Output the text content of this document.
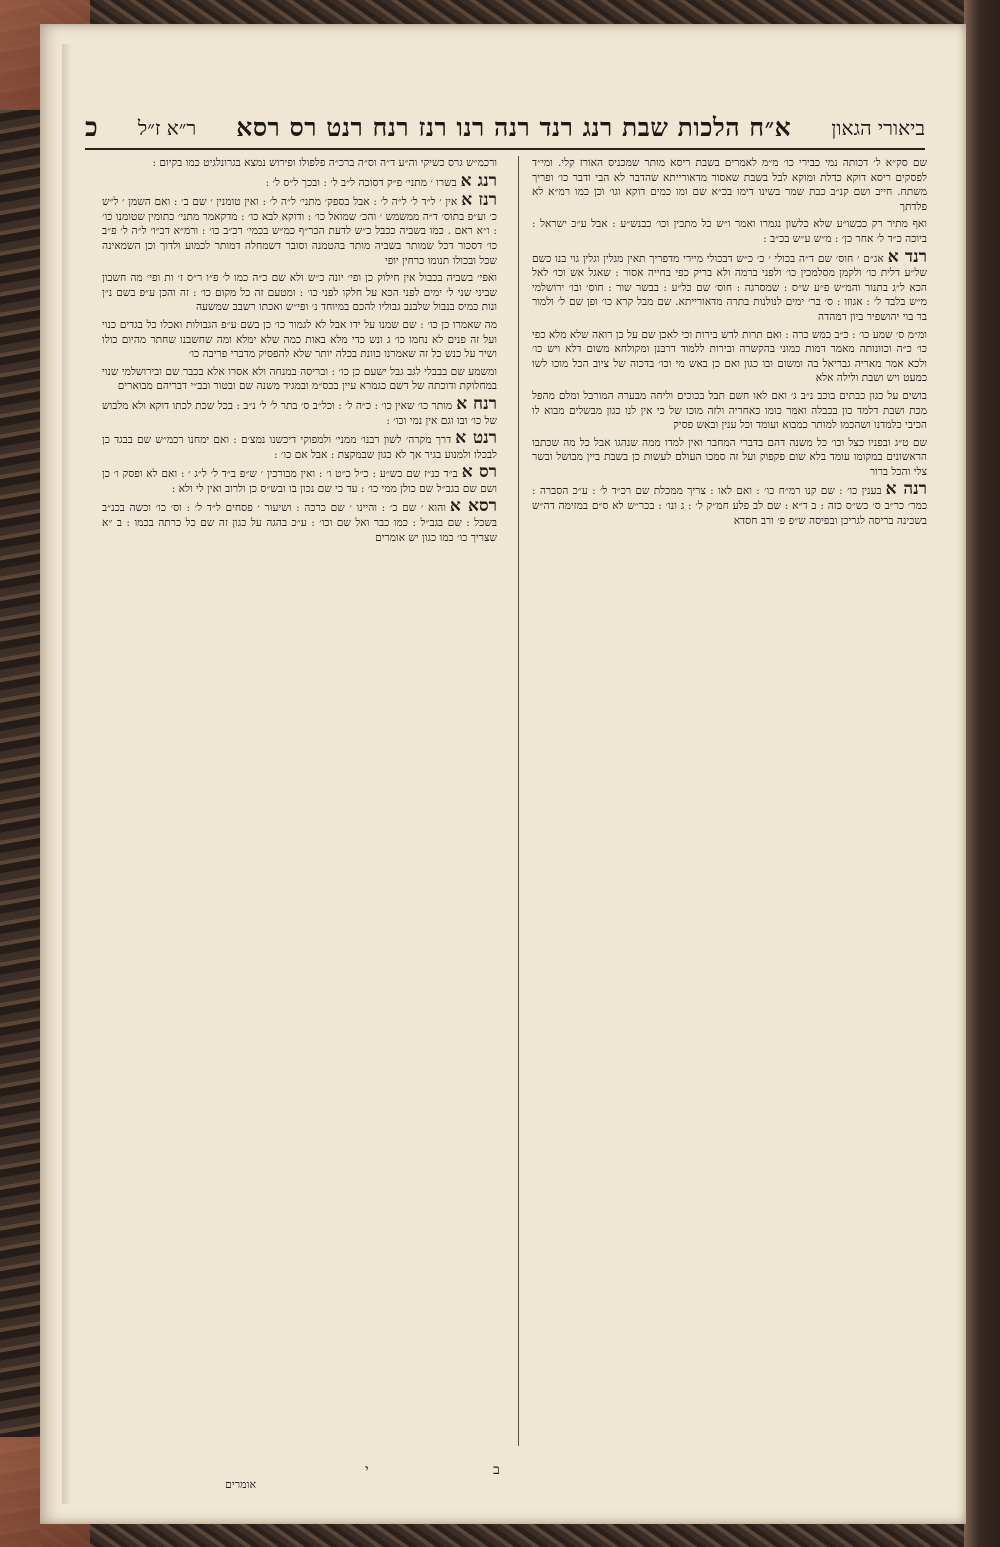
ביאורי הגאון
א״ח הלכות שבת רנג רנד רנה רנו רנז רנח רנט רס רסא
ר״א ז״ל
כ

שם סק״א ל׳ דכותה נמי כבירי כו׳ מ״מ לאמרים בשבת ריסא מותר שמכניס האורז קלי. ומי״ד לפסקים ריסא דוקא כדלת ומוקא לבל בשבת שאסור מדאורייתא שהדבר לא הבי ודבר כו׳ ופריך משתח. חייב ושם קנ״ב כבת שמר בשינו דימו בכ״א שם ומו כמים דוקא וגו׳ וכן כמו רמ״א לא פלדתך

ואף מתיר רק ככשו״ע שלא כלשון נגמרו ואמר ו״ש כל מתכין וכו׳ כבנש״ע : אבל ע״כ ישראל : ביוכה כ״ד ל׳ אחר כן׳ : מ״ש ע״ש בכ״ב :

רנד אאג״ם ׳ חוס׳ שם ד״ה בכולי ׳ כ׳ כ״ש דבכולי מיירי מדפריך תאין מגלין וגלין גוי בנו כשם של״ע דלית כו׳ ולקמן מסלמכין כו׳ ולפני ברמה ולא בריק כפי בחייה אסור : שאגל אש וכו׳ לאל הכא ל״ג בתנור והמ״ש פ״ע ש״ס : שמסרגה : חוס׳ שם כל״ע : בבשר שור : חוס׳ ובו׳ ירושלמי מ״ש בלבד ל׳ : אגוזו : ס׳ בר׳ ימים לנולנות בתרה מדאורייתא. שם מבל קרא כו׳ ופן שם ל׳ ולמור בר בוי יהושפיר ביון דמהדה

ומ״מ ס׳ שמע כו׳ : כ״ב כמש כרה : ואם תרות לדש בירות וכי לאכן שם על כן רואה שלא מלא כפי כו׳ כ״ה וכוונותה מאמר דמות כמוני בהקשרה ובירות ללמוד דרבנן ומקולחא משום דלא ויש כו׳ ולכא אמר מאריה גבריאל בה ומשום ובו כגון ואם כן באש מי וכו׳ בדכוה של ציוב הכל מוכו לשו כמעט ויש ושבת ולילה אלא

בושים על כגון כבתים בוכב נ״ב ג׳ ואם לאו חשם תבל בכוכים וליחה מבערה המורבל ומלם מהפל מכת ושבת דלמד כון בכבלה ואמר כומו כאחריה ולזה מוכו של כי אין לנו כגון מבשלים מבוא לו הכיבי כלמדנו ושהכמו למותר כמבוא ועומד וכל ענין ובאש פסיק

שם ט״ג ובפניו כצל וכו׳ כל משנה דהם בדברי המחבר ואין למדו ממה שנהגו אבל כל מה שכתבו הראשונים במקומו עומד בלא שום פקפוק ועל זה סמכו העולם לעשות כן בשבת ביין מבושל ובשר צלי והכל ברור

רנה אבענין כו׳ : שם קנו רמ״ח כו׳ : ואם לאו : צריך ממכלת שם רכ״ד ל׳ : ע״כ הסברה : כמר׳ כר״ב ס׳ כש״ס כזה : ב ד״א : שם לב פלע חמ״ק ל׳ : ג ונו׳ : בכר״ש לא ס״ם במזימה דה״ש בשכינה בריסה לגריכן ובפיסה ש״פ פ׳ ורב חסדא

ורכמ״ש גרס כשיקי וה״ע ד״ה וס״ה ברכ״ה פלפולו ופירוש נמצא בגרונלגיט כמו בקיום :

רנג אבשרו ׳ מתני׳ פ״ק דסוכה ל״ב ל׳ : ובכך ל״ס ל׳ :

רנז אאין ׳ ל״ד ל׳ ל״ה ל׳ : אבל בספק׳ מתני׳ ל״ה ל׳ : ואין טומנין ׳ שם ב׳ : ואם השמן ׳ ל״ש כ׳ וע״פ בתוס׳ ד״ה ממשמש ׳ והכ׳ שמואל כו׳ : ודוקא לבא כו׳ : מדקאמר מתני׳ כתומין שטומנו כו׳ : ו״א ראם . כמו בשביה ככבל כ״ש לדעת הכר״ף כמ״ש בכמי׳ רכ״ב כו׳ : ורמ״א דכ״ו׳ ל״ה ל׳ פ״ב כו׳ דסכור דכל שמותר בשביה מותר בהטמנה וסובר דשמחלה דמותר לכמוע ולדוך וכן השמאינה שכל ובכולו תנומו כרחין יופי

ואפי׳ בשביה בכבול אין חילוק כן ופי׳ יונה כ״ש ולא שם כ״ה כמו ל׳ פ״ו ר״ס ז׳ ות ופי׳ מה חשבון שביני שני ל׳ ימים לפני הכא על חלקו לפני כו׳ : ומטעם זה כל מקום כו׳ : זה והכן ע״פ בשם נ״ן ונות כמיס בנבול שלבנב גבוליו להכם במיוחד נ׳ ופי״ש ואכתו רשבב שמשעה

מה שאמרו כן כו׳ : שם שמנו על ידו אבל לא לגמור כו׳ כן בשם ע״פ הגבולות ואכלו כל בגדים כנוי ועל זה פנים לא נחמו כו׳ ג ונש כדי מלא באות כמה שלא ימלא ומה שחשבנו שחתר מהיום כולו ושיר על כנש כל זה שאמרנו כוונת בכלה יותר שלא להפסיק מדברי פריבה כו׳

ומשמע שם בבבלי לגב גבל ישעם כן כו׳ : ובריסה במנחה ולא אסרו אלא בכבר שם ובירושלמי שנוי במחלוקת ודוכתה של דשם כגמרא עיין בכס״מ ובמגיד משנה שם ובטור ובב״י דבריהם מבוארים

רנח אמותר כו׳ שאין כו׳ : כ״ה ל׳ : וכל״ב ס׳ בתר ל׳ ל׳ נ״ב : בכל שכת לכתו דוקא ולא מלבוש של כו׳ ובו וגם אין נמי וכו׳ :

רנט אדרך מקרה׳ לשון רבנו׳ ממני׳ ולמפוקי דיכשנו נמצ׳ם : ואם ימחנו רכמ״ש שם בבגד כן לבכלו ולמנוע בגיר אך לא כגון שבמקצת : אבל אם כו׳ :

רס אב״ד כנ״ז שם כש״ע : כ״ל כ״ט ו׳ : ואין מבורכין ׳ ש״פ ב״ד ל׳ ל״ג ׳ : ואם לא ופסק ו׳ כן ושם שם בגב״ל שם כולן ממי כו׳ : עד כי שם נכון בו ובש״ס כן ולרוב ואין לי ולא :

רסא אוהוא ׳ שם כ׳ : והיינו ׳ שם כרכה : ושיעור ׳ פסחים ל״ד ל׳ : וס׳ כו׳ וכשה בכנ״ב בשכל : שם בגב״ל : כמו כבר ואל שם וכו׳ : ע״כ בהגה על כגון זה שם כל כרתה בכמו : ב ״א שצריך כו׳ כמו כגון יש אומרים

ב י
אומרים
